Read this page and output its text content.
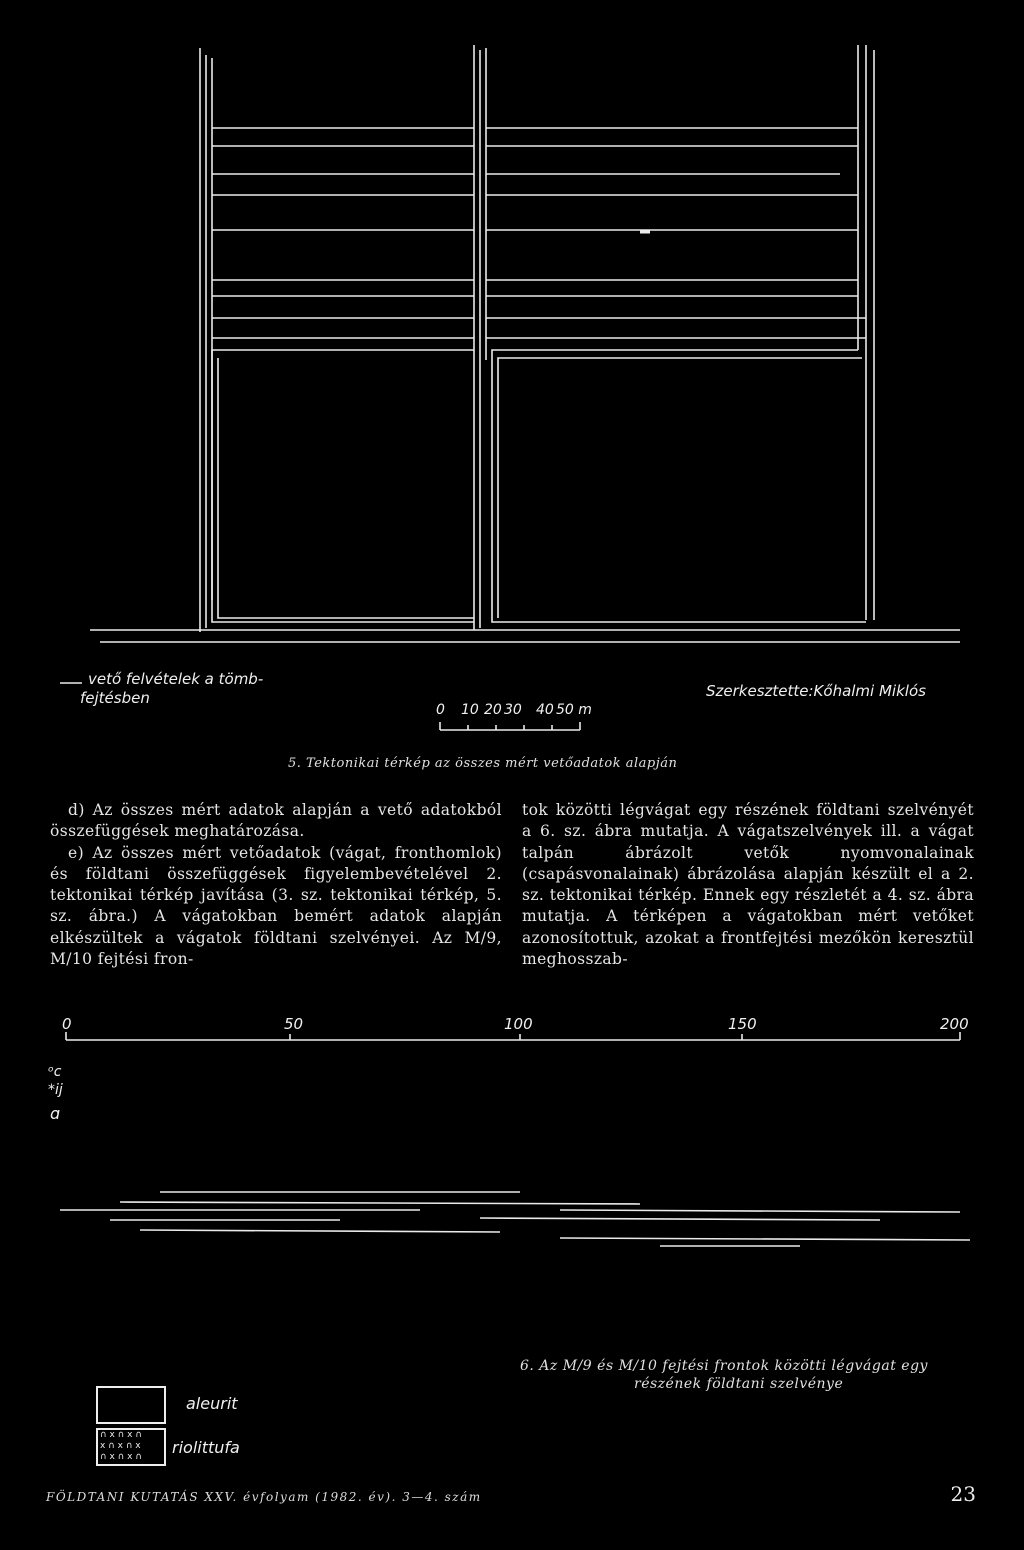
vető felvételek a tömb-
fejtésben
0 10 20 30 40 50 m
Szerkesztette:Kőhalmi Miklós
5. Tektonikai térkép az összes mért vetőadatok alapján

d) Az összes mért adatok alapján a vető adatokból összefüggések meghatározása.

e) Az összes mért vetőadatok (vágat, fronthomlok) és földtani összefüggések figyelembevételével 2. tektonikai térkép javítása (3. sz. tektonikai térkép, 5. sz. ábra.) A vágatokban bemért adatok alapján elkészültek a vágatok földtani szelvényei. Az M/9, M/10 fejtési fron-

tok közötti légvágat egy részének földtani szelvényét a 6. sz. ábra mutatja. A vágatszelvények ill. a vágat talpán ábrázolt vetők nyomvonalainak (csapásvonalainak) ábrázolása alapján készült el a 2. sz. tektonikai térkép. Ennek egy részletét a 4. sz. ábra mutatja. A térképen a vágatokban mért vetőket azonosítottuk, azokat a frontfejtési mezőkön keresztül meghosszab-

0	50	100	150	200
ᵒc
*ij
ɑ
6. Az M/9 és M/10 fejtési frontok közötti légvágat egy
részének földtani szelvénye
aleurit
∩ x ∩ x ∩
x ∩ x ∩ x
∩ x ∩ x ∩	riolittufa
FÖLDTANI KUTATÁS XXV. évfolyam (1982. év). 3—4. szám	23
